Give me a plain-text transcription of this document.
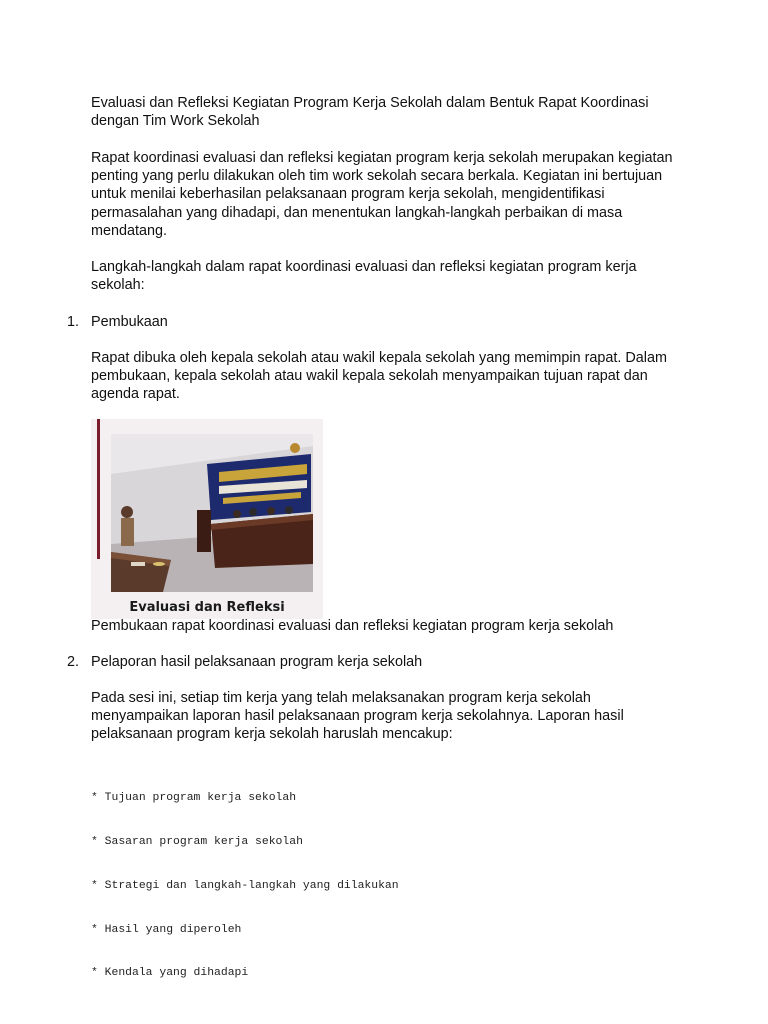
Evaluasi dan Refleksi Kegiatan Program Kerja Sekolah dalam Bentuk Rapat Koordinasi dengan Tim Work Sekolah

Rapat koordinasi evaluasi dan refleksi kegiatan program kerja sekolah merupakan kegiatan penting yang perlu dilakukan oleh tim work sekolah secara berkala. Kegiatan ini bertujuan untuk menilai keberhasilan pelaksanaan program kerja sekolah, mengidentifikasi permasalahan yang dihadapi, dan menentukan langkah-langkah perbaikan di masa mendatang.

Langkah-langkah dalam rapat koordinasi evaluasi dan refleksi kegiatan program kerja sekolah:

1. Pembukaan

Rapat dibuka oleh kepala sekolah atau wakil kepala sekolah yang memimpin rapat. Dalam pembukaan, kepala sekolah atau wakil kepala sekolah menyampaikan tujuan rapat dan agenda rapat.

Evaluasi dan Refleksi

Pembukaan rapat koordinasi evaluasi dan refleksi kegiatan program kerja sekolah

2. Pelaporan hasil pelaksanaan program kerja sekolah

Pada sesi ini, setiap tim kerja yang telah melaksanakan program kerja sekolah menyampaikan laporan hasil pelaksanaan program kerja sekolahnya. Laporan hasil pelaksanaan program kerja sekolah haruslah mencakup:

* Tujuan program kerja sekolah

* Sasaran program kerja sekolah

* Strategi dan langkah-langkah yang dilakukan

* Hasil yang diperoleh

* Kendala yang dihadapi
